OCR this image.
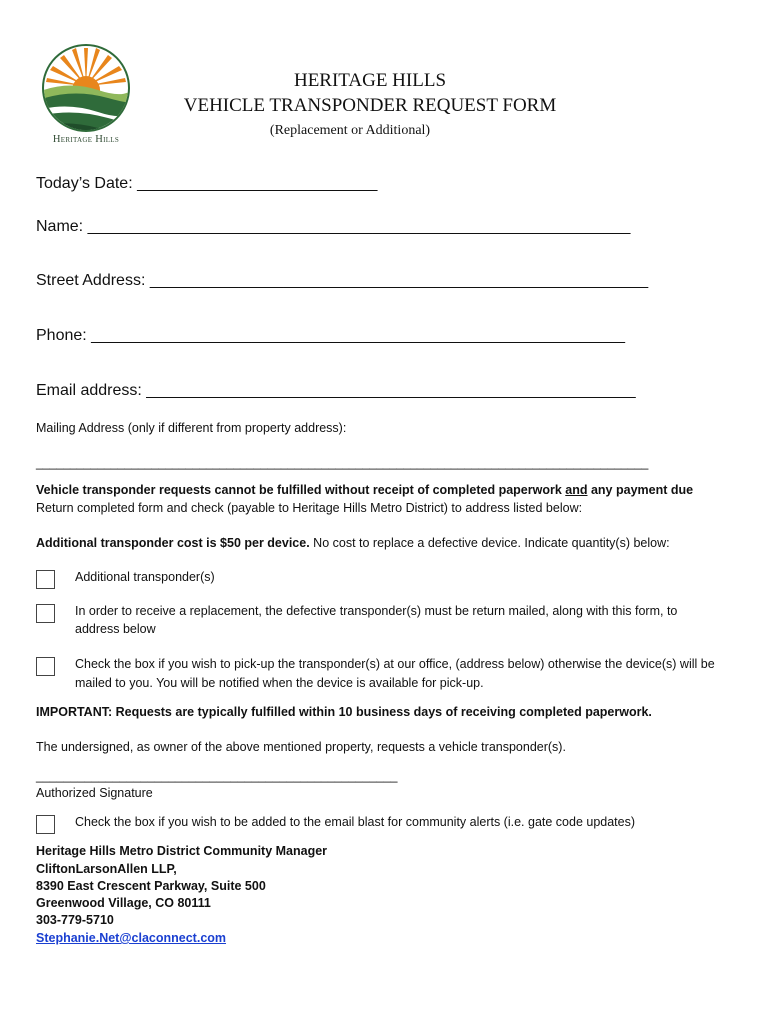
Heritage Hills
HERITAGE HILLS
VEHICLE TRANSPONDER REQUEST FORM
(Replacement or Additional)
Today’s Date: ___________________________
Name: _____________________________________________________________
Street Address: ________________________________________________________
Phone: ____________________________________________________________
Email address: _______________________________________________________
Mailing Address (only if different from property address):
__________________________________________________________________________________________
Vehicle transponder requests cannot be fulfilled without receipt of completed paperwork and any payment due
Return completed form and check (payable to Heritage Hills Metro District) to address listed below:
Additional transponder cost is $50 per device. No cost to replace a defective device. Indicate quantity(s) below:
Additional transponder(s)
In order to receive a replacement, the defective transponder(s) must be return mailed, along with this form, to
address below
Check the box if you wish to pick-up the transponder(s) at our office, (address below) otherwise the device(s) will be
mailed to you. You will be notified when the device is available for pick-up.
IMPORTANT: Requests are typically fulfilled within 10 business days of receiving completed paperwork.
The undersigned, as owner of the above mentioned property, requests a vehicle transponder(s).
____________________________________________________
Authorized Signature
Check the box if you wish to be added to the email blast for community alerts (i.e. gate code updates)
Heritage Hills Metro District Community Manager
CliftonLarsonAllen LLP,
8390 East Crescent Parkway, Suite 500
Greenwood Village, CO 80111
303-779-5710
Stephanie.Net@claconnect.com
